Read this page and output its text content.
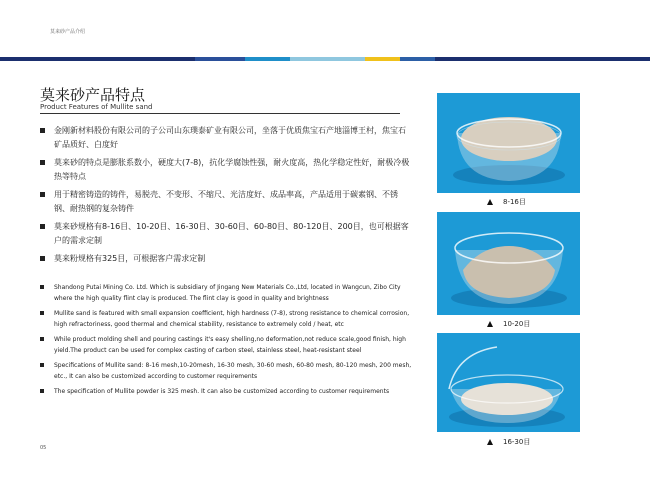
莫来砂产品介绍
莫来砂产品特点
Product Features of Mullite sand
金刚新材料股份有限公司的子公司山东璞泰矿业有限公司，坐落于优质焦宝石产地淄博王村，焦宝石矿品质好、白度好
莫来砂的特点是膨胀系数小，硬度大(7-8)，抗化学腐蚀性强，耐火度高，热化学稳定性好，耐极冷极热等特点
用于精密铸造的铸件，易脱壳、不变形、不缩尺、光洁度好、成品率高，产品适用于碳素钢、不锈钢、耐热钢的复杂铸件
莫来砂规格有8-16目、10-20目、16-30目、30-60目、60-80目、80-120目、200目，也可根据客户的需求定制
莫来粉规格有325目，可根据客户需求定制
Shandong Putai Mining Co. Ltd. Which is subsidiary of Jingang New Materials Co.,Ltd, located in Wangcun, Zibo City where the high quality flint clay is produced. The flint clay is good in quality and brightness
Mullite sand is featured with small expansion coefficient, high hardness (7-8), strong resistance to chemical corrosion, high refractoriness, good thermal and chemical stability, resistance to extremely cold / heat, etc
While product molding shell and pouring castings it's easy shelling,no deformation,not reduce scale,good finish, high yield.The product can be used for complex casting of carbon steel, stainless steel, heat-resistant steel
Specifications of Mullite sand: 8-16 mesh,10-20mesh, 16-30 mesh, 30-60 mesh, 60-80 mesh, 80-120 mesh, 200 mesh, etc., It can also be customized according to customer requirements
The specification of Mullite powder is 325 mesh. It can also be customized according to customer requirements
05
8-16目
10-20目
16-30目
